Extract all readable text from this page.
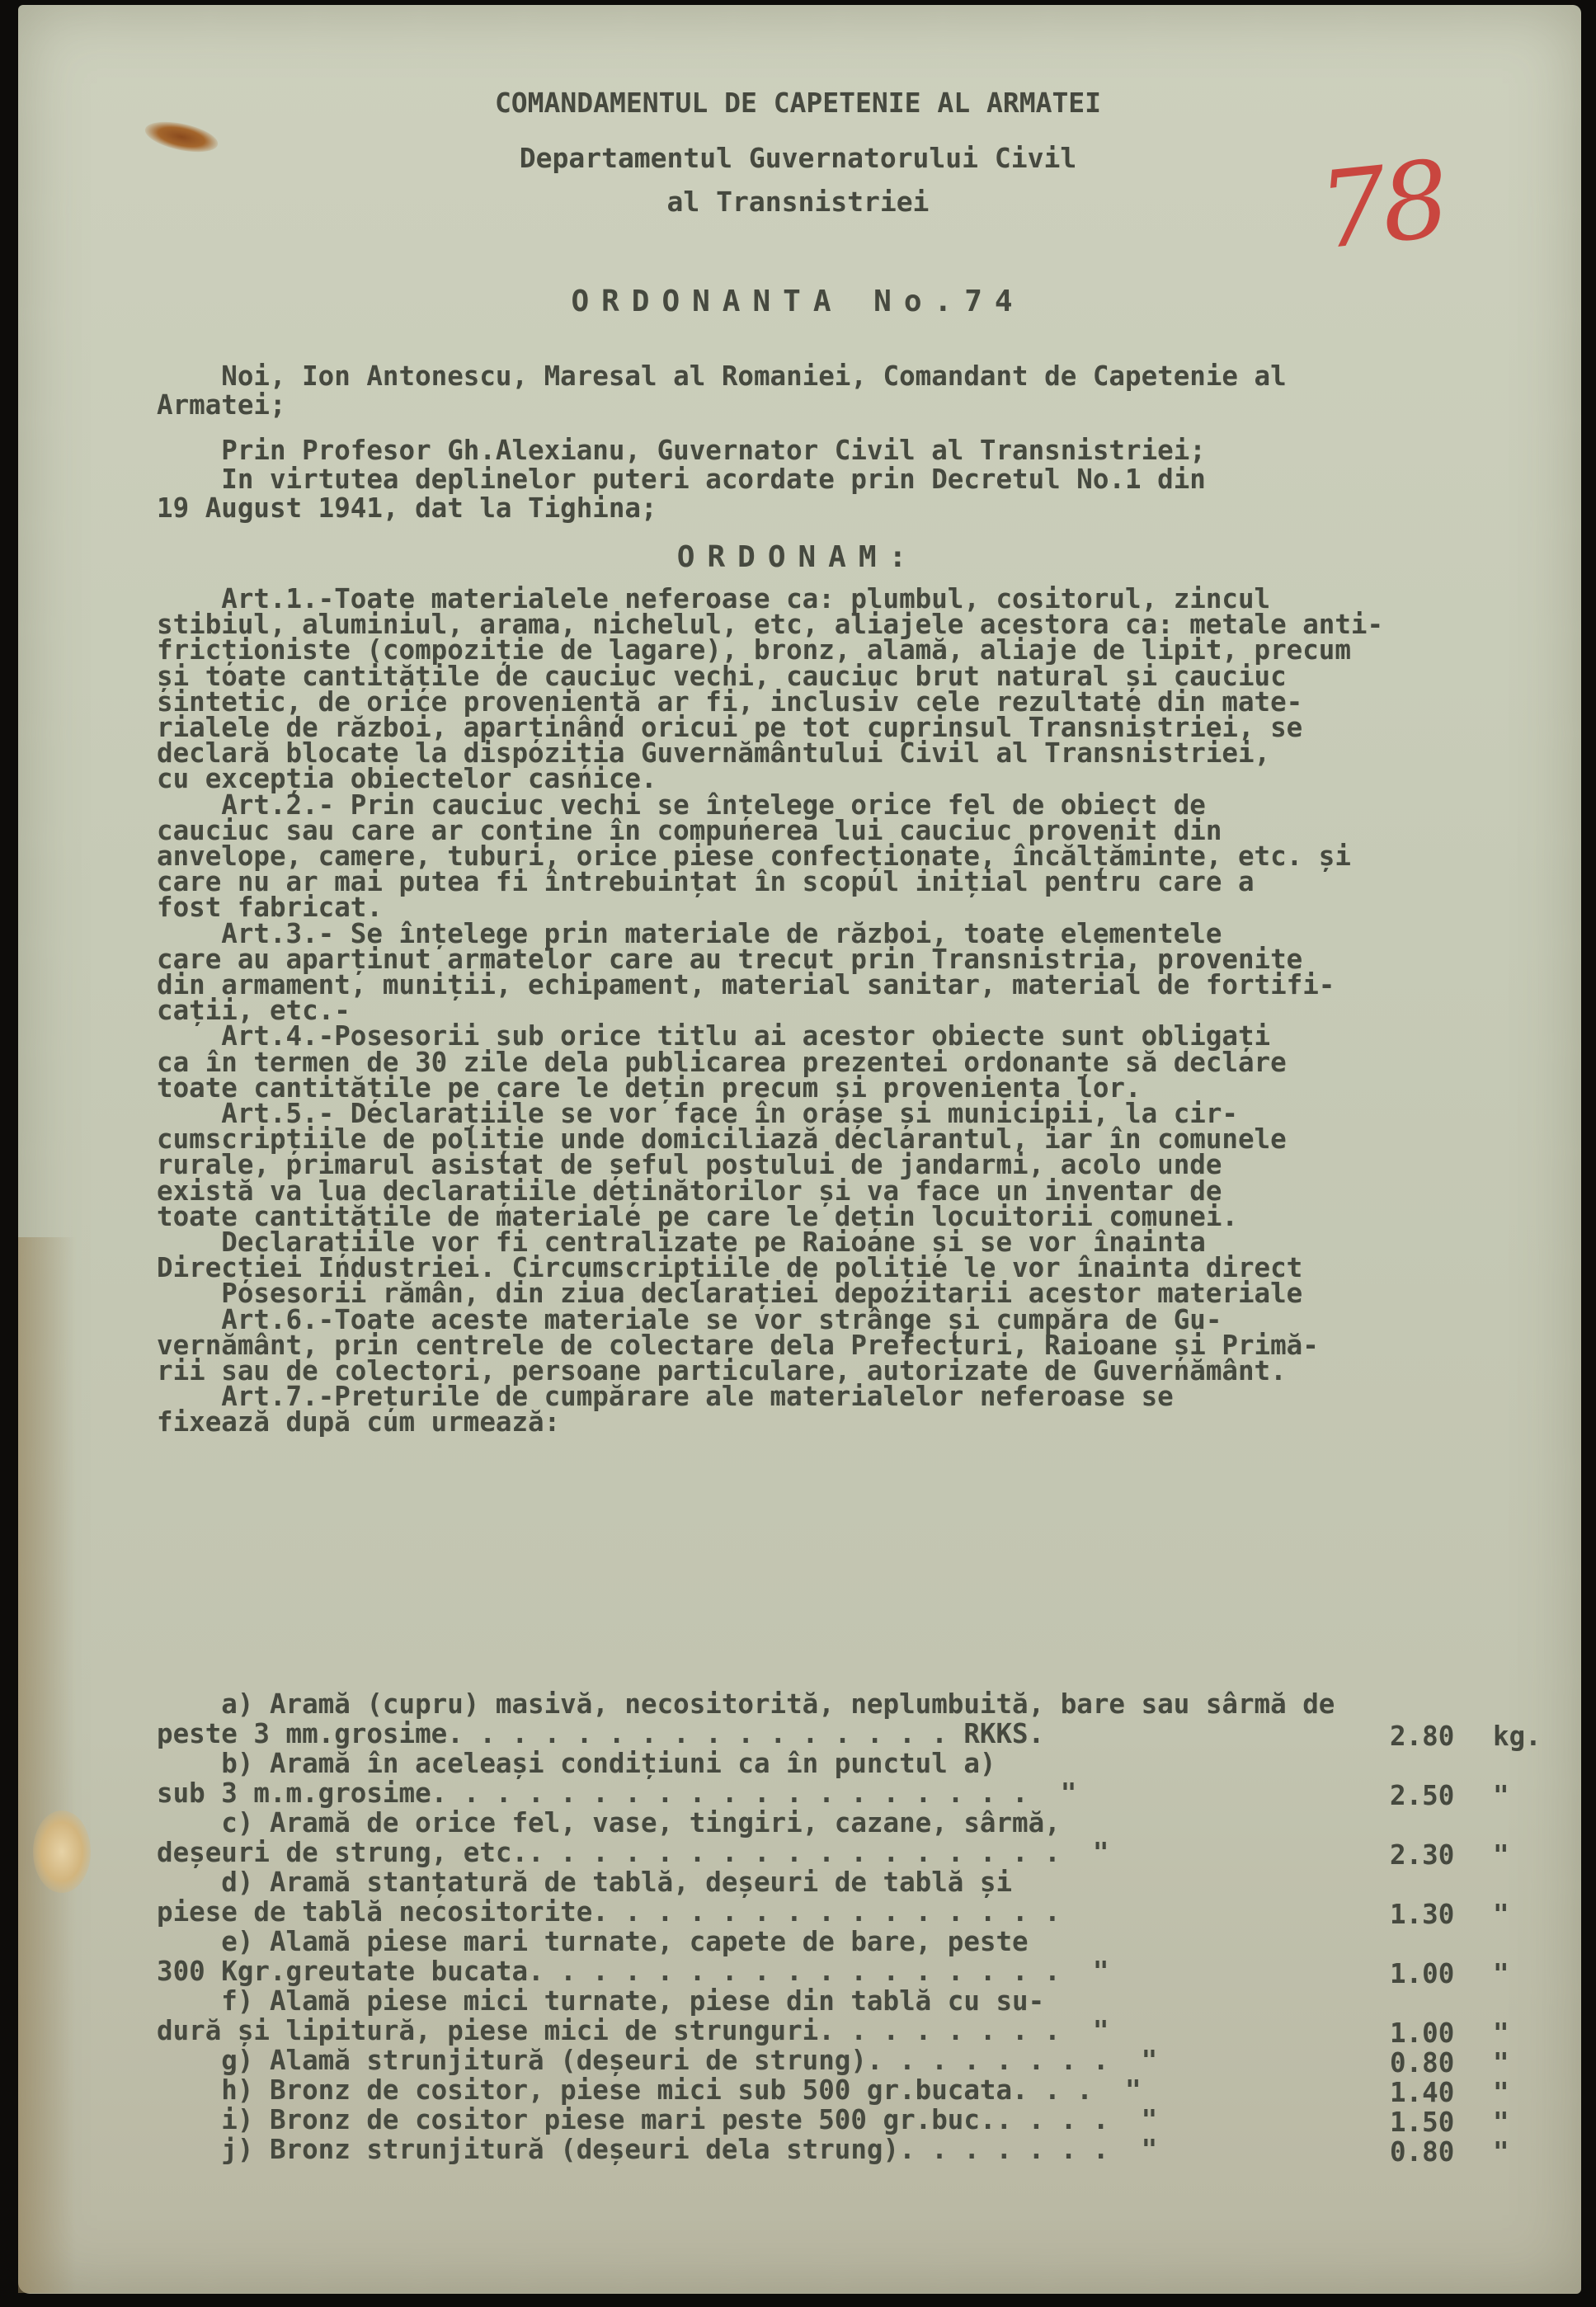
78
COMANDAMENTUL DE CAPETENIE AL ARMATEI
Departamentul Guvernatorului Civil
al Transnistriei
ORDONANTA No.74
Noi, Ion Antonescu, Maresal al Romaniei, Comandant de Capetenie al
Armatei;
Prin Profesor Gh.Alexianu, Guvernator Civil al Transnistriei;
In virtutea deplinelor puteri acordate prin Decretul No.1 din
19 August 1941, dat la Tighina;
ORDONAM:
Art.1.-Toate materialele neferoase ca: plumbul, cositorul, zincul
stibiul, aluminiul, arama, nichelul, etc, aliajele acestora ca: metale anti-
fricționiste (compoziție de lagare), bronz, alamă, aliaje de lipit, precum
și toate cantitățile de cauciuc vechi, cauciuc brut natural și cauciuc
sintetic, de orice proveniență ar fi, inclusiv cele rezultate din mate-
rialele de război, aparținând oricui pe tot cuprinsul Transnistriei, se
declară blocate la dispoziția Guvernământului Civil al Transnistriei,
cu excepția obiectelor casnice.
Art.2.- Prin cauciuc vechi se înțelege orice fel de obiect de
cauciuc sau care ar conține în compunerea lui cauciuc provenit din
anvelope, camere, tuburi, orice piese confecționate, încălțăminte, etc. și
care nu ar mai putea fi întrebuințat în scopul inițial pentru care a
fost fabricat.
Art.3.- Se înțelege prin materiale de război, toate elementele
care au aparținut armatelor care au trecut prin Transnistria, provenite
din armament, muniții, echipament, material sanitar, material de fortifi-
cații, etc.-
Art.4.-Posesorii sub orice titlu ai acestor obiecte sunt obligați
ca în termen de 30 zile dela publicarea prezentei ordonanțe să declare
toate cantitățile pe care le dețin precum și proveniența lor.
Art.5.- Declarațiile se vor face în orașe și municipii, la cir-
cumscripțiile de poliție unde domiciliază declarantul, iar în comunele
rurale, primarul asistat de șeful postului de jandarmi, acolo unde
există va lua declarațiile deținătorilor și va face un inventar de
toate cantitățile de materiale pe care le dețin locuitorii comunei.
Declarațiile vor fi centralizate pe Raioane și se vor înainta
Direcției Industriei. Circumscripțiile de poliție le vor înainta direct
Posesorii rămân, din ziua declarației depozitarii acestor materiale
Art.6.-Toate aceste materiale se vor strânge și cumpăra de Gu-
vernământ, prin centrele de colectare dela Prefecturi, Raioane și Primă-
rii sau de colectori, persoane particulare, autorizate de Guvernământ.
Art.7.-Prețurile de cumpărare ale materialelor neferoase se
fixează după cum urmează:
a) Aramă (cupru) masivă, necositorită, neplumbuită, bare sau sârmă de
peste 3 mm.grosime. . . . . . . . . . . . . . . . RKKS.	2.80 kg.
b) Aramă în aceleași condițiuni ca în punctul a)
sub 3 m.m.grosime. . . . . . . . . . . . . . . . . . .  "	2.50 "
c) Aramă de orice fel, vase, tingiri, cazane, sârmă,
deșeuri de strung, etc.. . . . . . . . . . . . . . . . .  "	2.30 "
d) Aramă stanțatură de tablă, deșeuri de tablă și
piese de tablă necositorite. . . . . . . . . . . . . . .	1.30 "
e) Alamă piese mari turnate, capete de bare, peste
300 Kgr.greutate bucata. . . . . . . . . . . . . . . . .  "	1.00 "
f) Alamă piese mici turnate, piese din tablă cu su-
dură și lipitură, piese mici de strunguri. . . . . . . .  "	1.00 "
g) Alamă strunjitură (deșeuri de strung). . . . . . . .  "	0.80 "
h) Bronz de cositor, piese mici sub 500 gr.bucata. . .  "	1.40 "
i) Bronz de cositor piese mari peste 500 gr.buc.. . . .  "	1.50 "
j) Bronz strunjitură (deșeuri dela strung). . . . . . .  "	0.80 "
